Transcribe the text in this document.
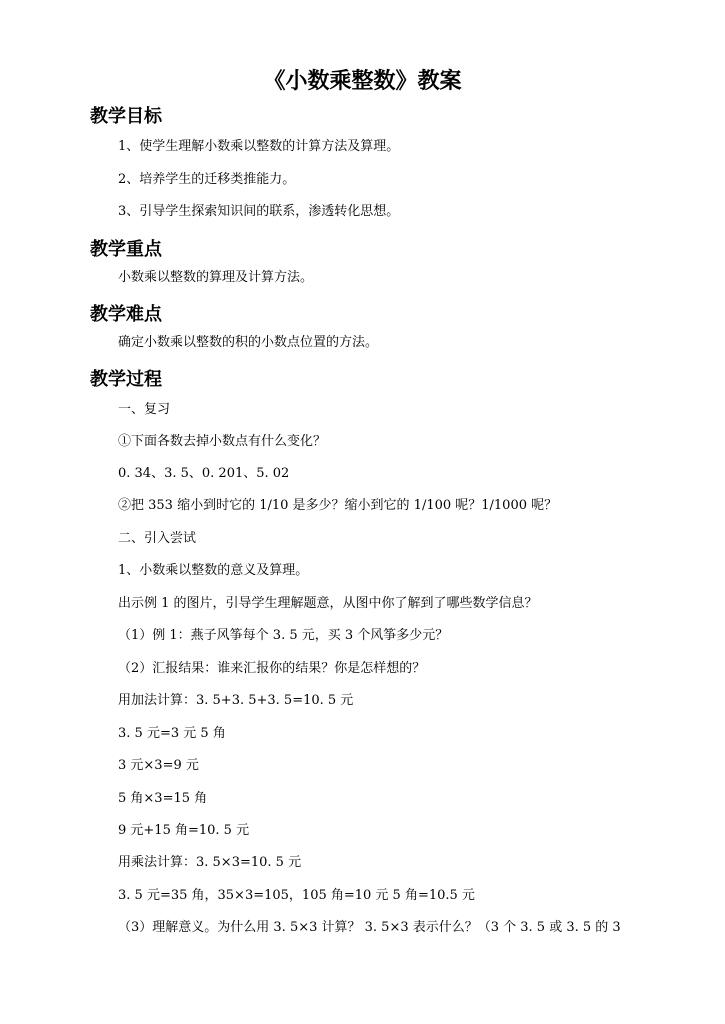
《小数乘整数》教案
教学目标
1、使学生理解小数乘以整数的计算方法及算理。
2、培养学生的迁移类推能力。
3、引导学生探索知识间的联系，渗透转化思想。
教学重点
小数乘以整数的算理及计算方法。
教学难点
确定小数乘以整数的积的小数点位置的方法。
教学过程
一、复习
①下面各数去掉小数点有什么变化？
0. 34、3. 5、0. 201、5. 02
②把 353 缩小到时它的 1/10 是多少？缩小到它的 1/100 呢？1/1000 呢？
二、引入尝试
1、小数乘以整数的意义及算理。
出示例 1 的图片，引导学生理解题意，从图中你了解到了哪些数学信息？
（1）例 1：燕子风筝每个 3. 5 元，买 3 个风筝多少元？
（2）汇报结果：谁来汇报你的结果？你是怎样想的？
用加法计算：3. 5+3. 5+3. 5=10. 5 元
3. 5 元=3 元 5 角
3 元×3=9 元
5 角×3=15 角
9 元+15 角=10. 5 元
用乘法计算：3. 5×3=10. 5 元
3. 5 元=35 角，35×3=105，105 角=10 元 5 角=10.5 元
（3）理解意义。为什么用 3. 5×3 计算？ 3. 5×3 表示什么？（3 个 3. 5 或 3. 5 的 3
